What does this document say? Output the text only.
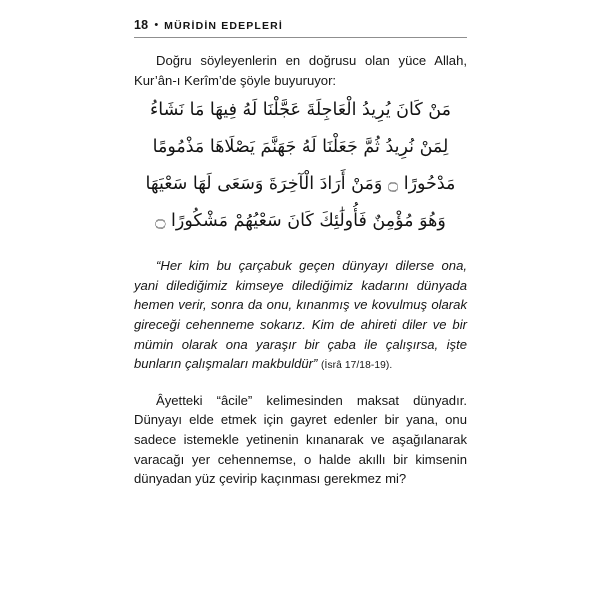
18 • MÜRİDİN EDEPLERİ

Doğru söyleyenlerin en doğrusu olan yüce Allah, Kur’ân-ı Kerîm’de şöyle buyuruyor:

مَنْ كَانَ يُرِيدُ الْعَاجِلَةَ عَجَّلْنَا لَهُ فِيهَا مَا نَشَاءُ
لِمَنْ نُرِيدُ ثُمَّ جَعَلْنَا لَهُ جَهَنَّمَ يَصْلَاهَا مَذْمُومًا
مَدْحُورًا ۝ وَمَنْ أَرَادَ الْآخِرَةَ وَسَعَى لَهَا سَعْيَهَا
وَهُوَ مُؤْمِنٌ فَأُولَٰئِكَ كَانَ سَعْيُهُمْ مَشْكُورًا ۝

“Her kim bu çarçabuk geçen dünyayı dilerse ona, yani dilediğimiz kimseye dilediğimiz kadarını dünyada hemen verir, sonra da onu, kınanmış ve kovulmuş olarak gireceği cehenneme sokarız. Kim de ahireti diler ve bir mümin olarak ona yaraşır bir çaba ile çalışırsa, işte bunların çalışmaları makbuldür” (İsrâ 17/18-19).

Âyetteki “âcile” kelimesinden maksat dünyadır. Dünyayı elde etmek için gayret edenler bir yana, onu sadece istemekle yetinenin kınanarak ve aşağılanarak varacağı yer cehennemse, o halde akıllı bir kimsenin dünyadan yüz çevirip kaçınması gerekmez mi?
